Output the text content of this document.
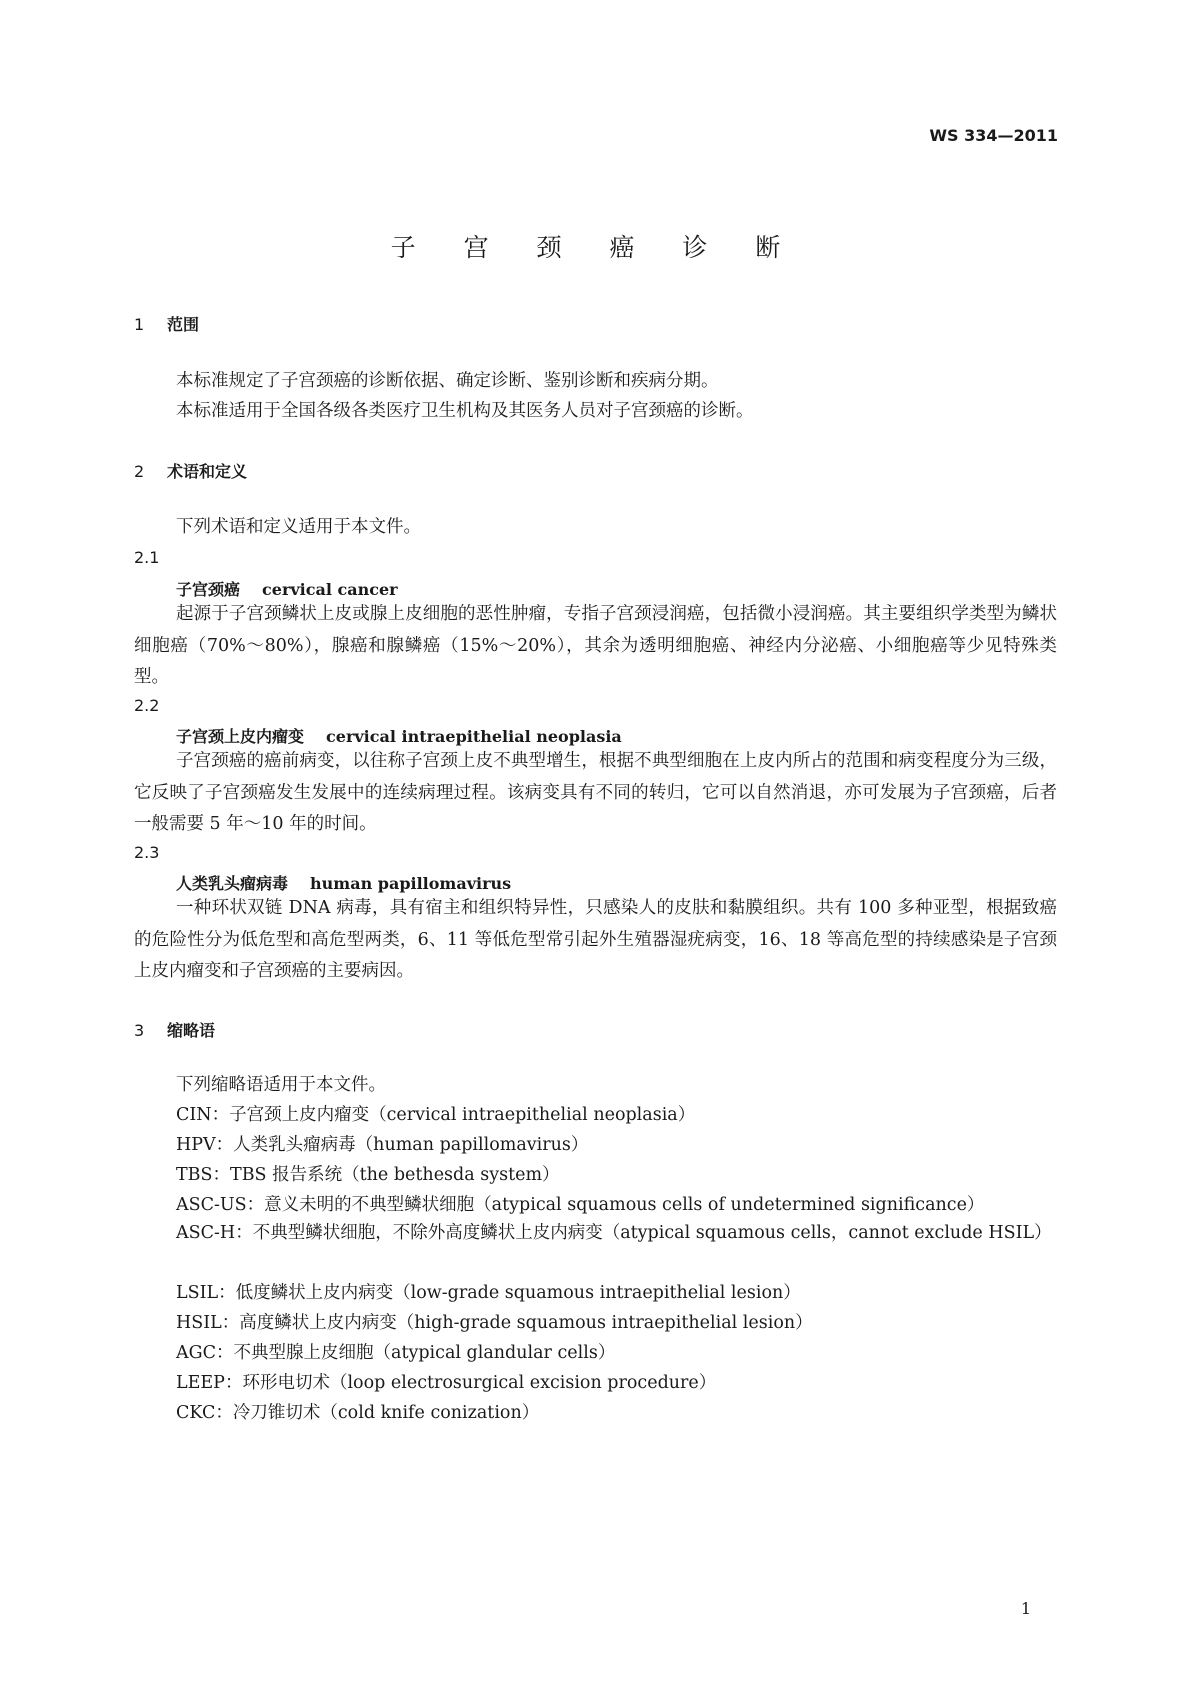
WS 334—2011
子 宫 颈 癌 诊 断
1 范围
本标准规定了子宫颈癌的诊断依据、确定诊断、鉴别诊断和疾病分期。
本标准适用于全国各级各类医疗卫生机构及其医务人员对子宫颈癌的诊断。
2 术语和定义
下列术语和定义适用于本文件。
2.1
子宫颈癌 cervical cancer
起源于子宫颈鳞状上皮或腺上皮细胞的恶性肿瘤，专指子宫颈浸润癌，包括微小浸润癌。其主要组织学类型为鳞状细胞癌（70%～80%），腺癌和腺鳞癌（15%～20%），其余为透明细胞癌、神经内分泌癌、小细胞癌等少见特殊类型。
2.2
子宫颈上皮内瘤变 cervical intraepithelial neoplasia
子宫颈癌的癌前病变，以往称子宫颈上皮不典型增生，根据不典型细胞在上皮内所占的范围和病变程度分为三级，它反映了子宫颈癌发生发展中的连续病理过程。该病变具有不同的转归，它可以自然消退，亦可发展为子宫颈癌，后者一般需要 5 年～10 年的时间。
2.3
人类乳头瘤病毒 human papillomavirus
一种环状双链 DNA 病毒，具有宿主和组织特异性，只感染人的皮肤和黏膜组织。共有 100 多种亚型，根据致癌的危险性分为低危型和高危型两类，6、11 等低危型常引起外生殖器湿疣病变，16、18 等高危型的持续感染是子宫颈上皮内瘤变和子宫颈癌的主要病因。
3 缩略语
下列缩略语适用于本文件。
CIN：子宫颈上皮内瘤变（cervical intraepithelial neoplasia）
HPV：人类乳头瘤病毒（human papillomavirus）
TBS：TBS 报告系统（the bethesda system）
ASC-US：意义未明的不典型鳞状细胞（atypical squamous cells of undetermined significance）
ASC-H：不典型鳞状细胞，不除外高度鳞状上皮内病变（atypical squamous cells，cannot exclude HSIL）
LSIL：低度鳞状上皮内病变（low-grade squamous intraepithelial lesion）
HSIL：高度鳞状上皮内病变（high-grade squamous intraepithelial lesion）
AGC：不典型腺上皮细胞（atypical glandular cells）
LEEP：环形电切术（loop electrosurgical excision procedure）
CKC：冷刀锥切术（cold knife conization）
1
